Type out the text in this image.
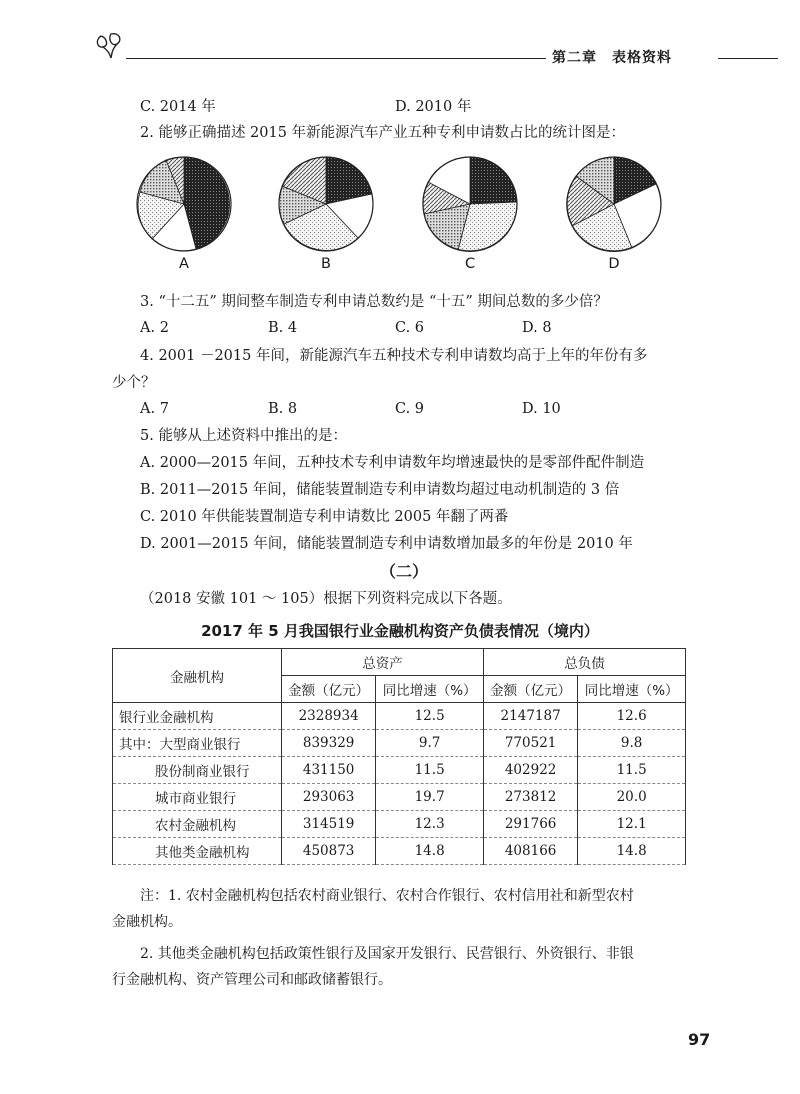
第二章　表格资料
C. 2014 年	D. 2010 年
2. 能够正确描述 2015 年新能源汽车产业五种专利申请数占比的统计图是：
A	B	C	D
3. “十二五” 期间整车制造专利申请总数约是 “十五” 期间总数的多少倍？
A. 2	B. 4	C. 6	D. 8
4. 2001 －2015 年间，新能源汽车五种技术专利申请数均高于上年的年份有多
少个？
A. 7	B. 8	C. 9	D. 10
5. 能够从上述资料中推出的是：
A. 2000—2015 年间，五种技术专利申请数年均增速最快的是零部件配件制造
B. 2011—2015 年间，储能装置制造专利申请数均超过电动机制造的 3 倍
C. 2010 年供能装置制造专利申请数比 2005 年翻了两番
D. 2001—2015 年间，储能装置制造专利申请数增加最多的年份是 2010 年
（二）
（2018 安徽 101 ～ 105）根据下列资料完成以下各题。
2017 年 5 月我国银行业金融机构资产负债表情况（境内）
金融机构	总资产		总负债	
	金额（亿元）	同比增速（%）	金额（亿元）	同比增速（%）
银行业金融机构	2328934	12.5	2147187	12.6
其中：大型商业银行	839329	9.7	770521	9.8
股份制商业银行	431150	11.5	402922	11.5
城市商业银行	293063	19.7	273812	20.0
农村金融机构	314519	12.3	291766	12.1
其他类金融机构	450873	14.8	408166	14.8
注：1. 农村金融机构包括农村商业银行、农村合作银行、农村信用社和新型农村
金融机构。
2. 其他类金融机构包括政策性银行及国家开发银行、民营银行、外资银行、非银
行金融机构、资产管理公司和邮政储蓄银行。
97
